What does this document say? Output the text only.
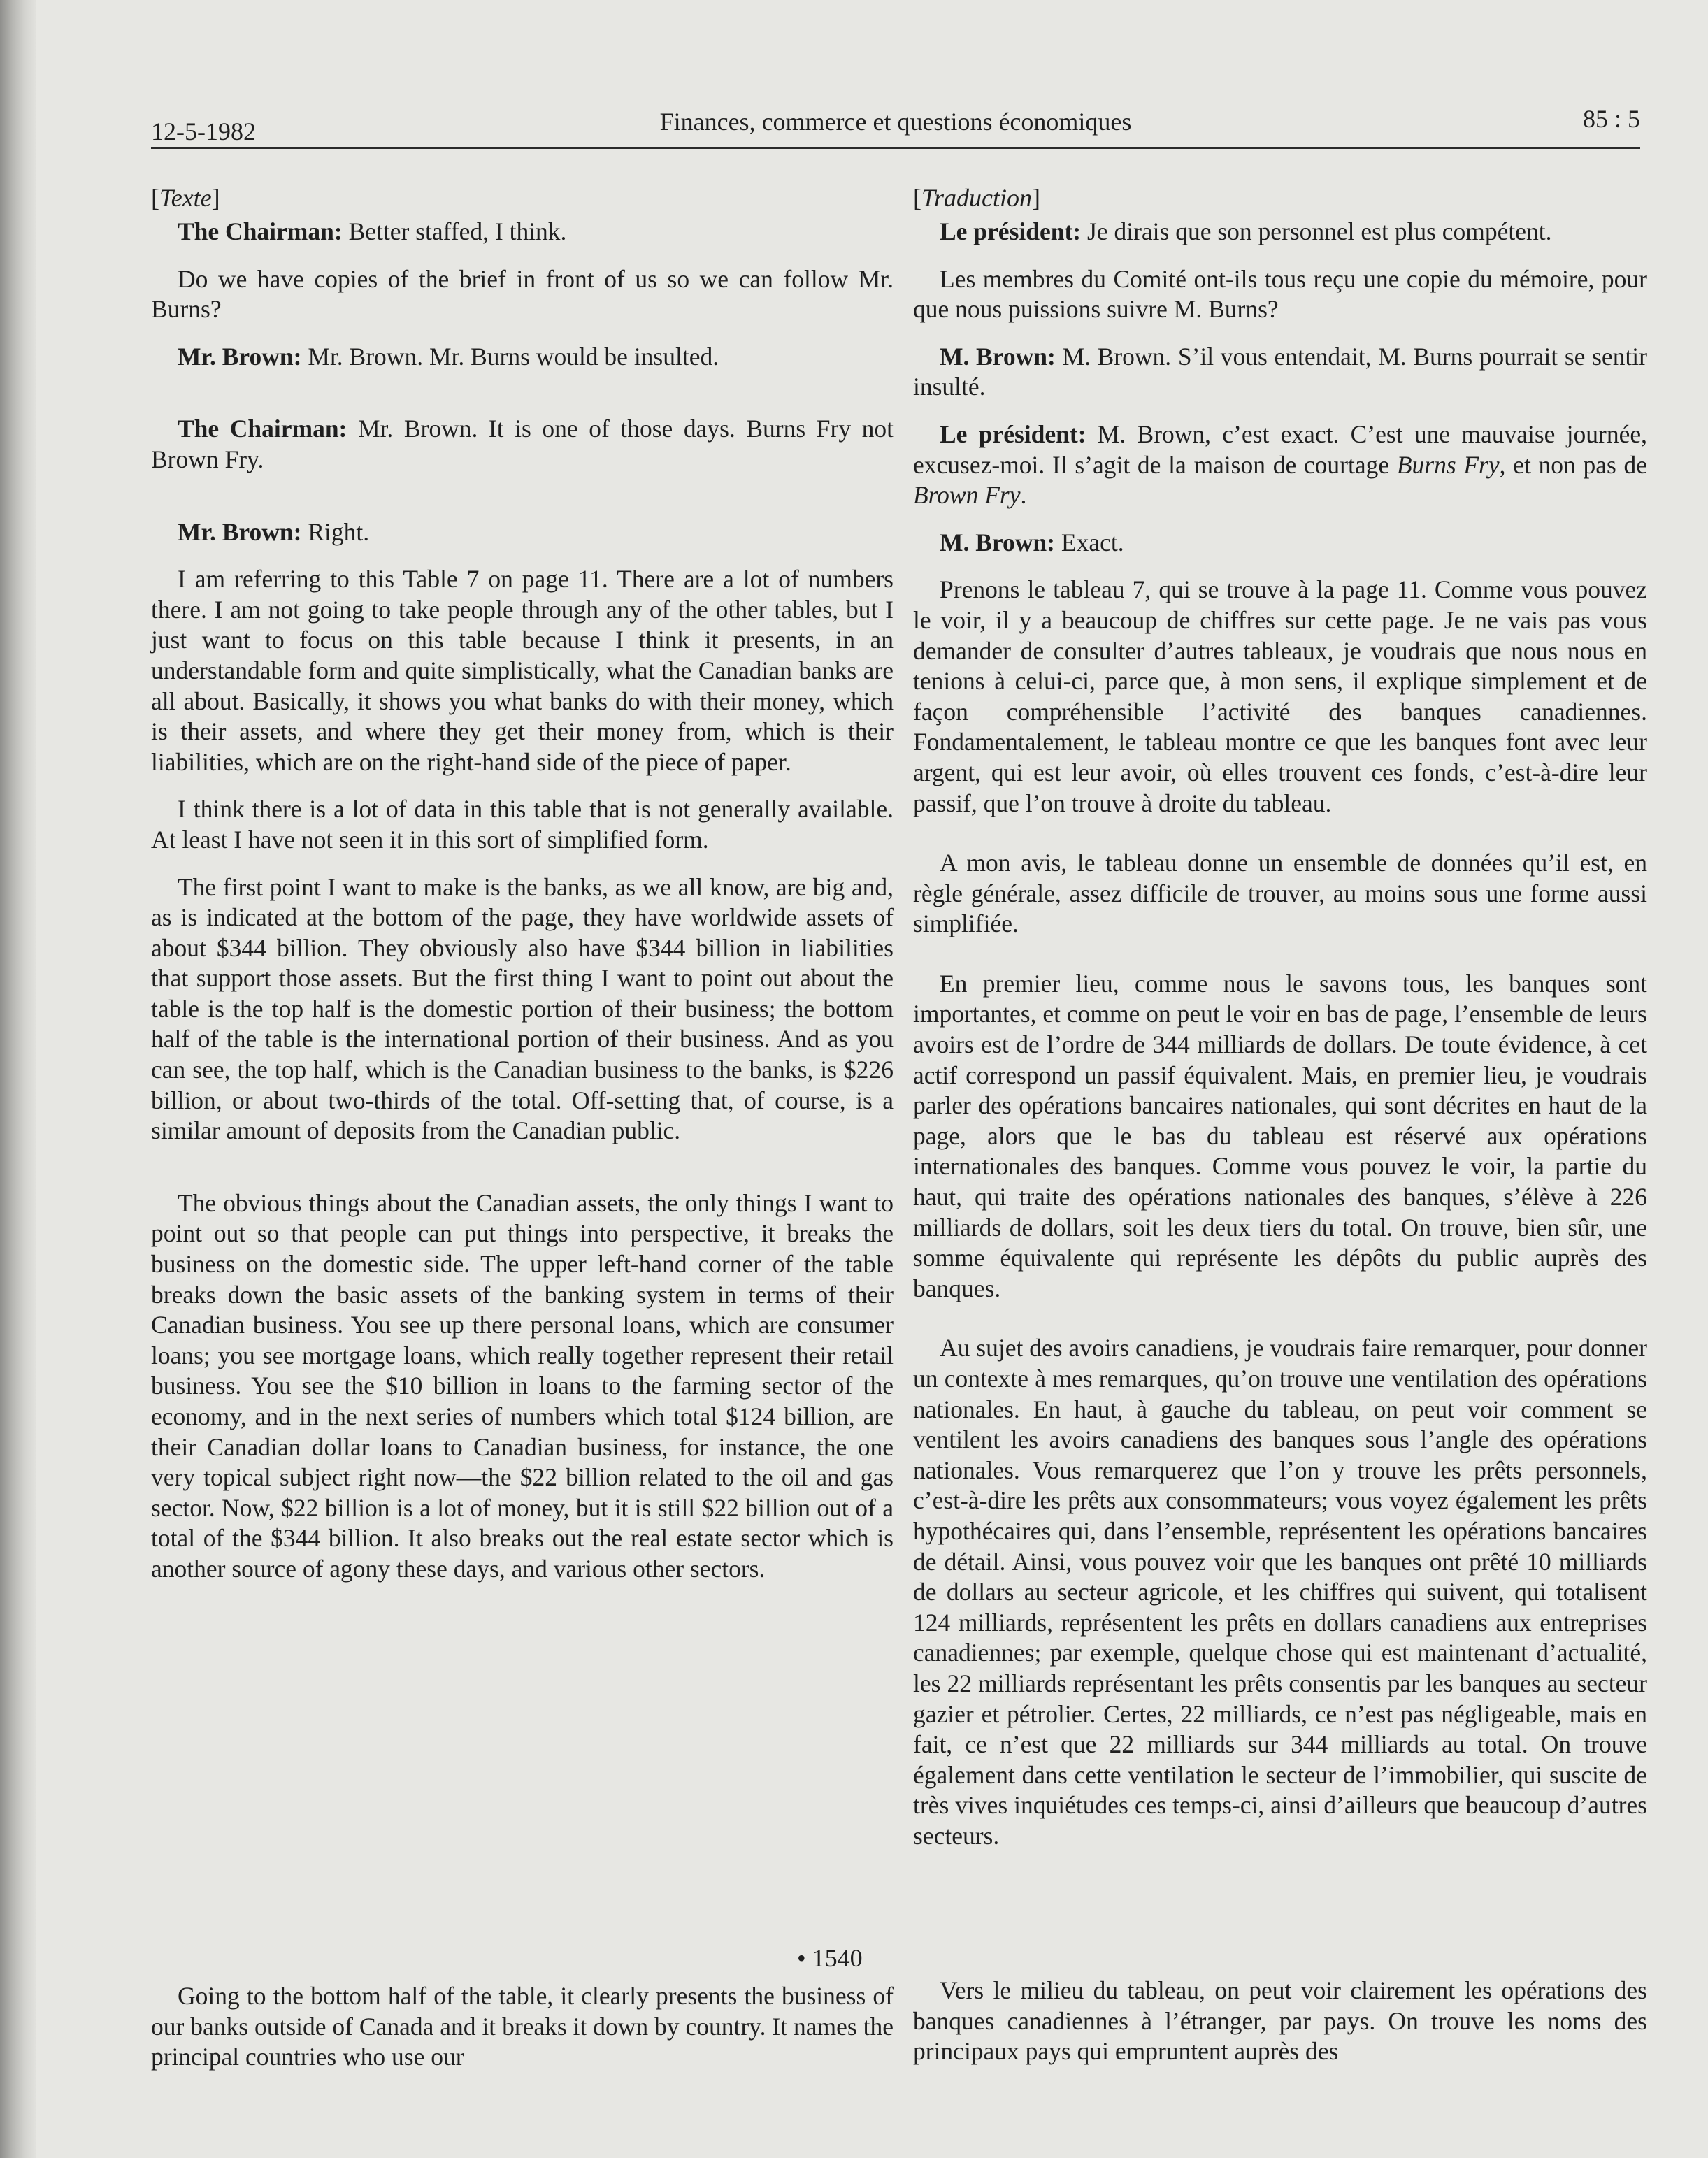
12-5-1982	Finances, commerce et questions économiques	85 : 5
[Texte]

The Chairman: Better staffed, I think.

Do we have copies of the brief in front of us so we can follow Mr. Burns?

Mr. Brown: Mr. Brown. Mr. Burns would be insulted.

The Chairman: Mr. Brown. It is one of those days. Burns Fry not Brown Fry.

Mr. Brown: Right.

I am referring to this Table 7 on page 11. There are a lot of numbers there. I am not going to take people through any of the other tables, but I just want to focus on this table because I think it presents, in an understandable form and quite simplistically, what the Canadian banks are all about. Basically, it shows you what banks do with their money, which is their assets, and where they get their money from, which is their liabilities, which are on the right-hand side of the piece of paper.

I think there is a lot of data in this table that is not generally available. At least I have not seen it in this sort of simplified form.

The first point I want to make is the banks, as we all know, are big and, as is indicated at the bottom of the page, they have worldwide assets of about $344 billion. They obviously also have $344 billion in liabilities that support those assets. But the first thing I want to point out about the table is the top half is the domestic portion of their business; the bottom half of the table is the international portion of their business. And as you can see, the top half, which is the Canadian business to the banks, is $226 billion, or about two-thirds of the total. Off-setting that, of course, is a similar amount of deposits from the Canadian public.

The obvious things about the Canadian assets, the only things I want to point out so that people can put things into perspective, it breaks the business on the domestic side. The upper left-hand corner of the table breaks down the basic assets of the banking system in terms of their Canadian business. You see up there personal loans, which are consumer loans; you see mortgage loans, which really together represent their retail business. You see the $10 billion in loans to the farming sector of the economy, and in the next series of numbers which total $124 billion, are their Canadian dollar loans to Canadian business, for instance, the one very topical subject right now—the $22 billion related to the oil and gas sector. Now, $22 billion is a lot of money, but it is still $22 billion out of a total of the $344 billion. It also breaks out the real estate sector which is another source of agony these days, and various other sectors.

• 1540

Going to the bottom half of the table, it clearly presents the business of our banks outside of Canada and it breaks it down by country. It names the principal countries who use our

[Traduction]

Le président: Je dirais que son personnel est plus compétent.

Les membres du Comité ont-ils tous reçu une copie du mémoire, pour que nous puissions suivre M. Burns?

M. Brown: M. Brown. S’il vous entendait, M. Burns pourrait se sentir insulté.

Le président: M. Brown, c’est exact. C’est une mauvaise journée, excusez-moi. Il s’agit de la maison de courtage Burns Fry, et non pas de Brown Fry.

M. Brown: Exact.

Prenons le tableau 7, qui se trouve à la page 11. Comme vous pouvez le voir, il y a beaucoup de chiffres sur cette page. Je ne vais pas vous demander de consulter d’autres tableaux, je voudrais que nous nous en tenions à celui-ci, parce que, à mon sens, il explique simplement et de façon compréhensible l’activité des banques canadiennes. Fondamentalement, le tableau montre ce que les banques font avec leur argent, qui est leur avoir, où elles trouvent ces fonds, c’est-à-dire leur passif, que l’on trouve à droite du tableau.

A mon avis, le tableau donne un ensemble de données qu’il est, en règle générale, assez difficile de trouver, au moins sous une forme aussi simplifiée.

En premier lieu, comme nous le savons tous, les banques sont importantes, et comme on peut le voir en bas de page, l’ensemble de leurs avoirs est de l’ordre de 344 milliards de dollars. De toute évidence, à cet actif correspond un passif équivalent. Mais, en premier lieu, je voudrais parler des opérations bancaires nationales, qui sont décrites en haut de la page, alors que le bas du tableau est réservé aux opérations internationales des banques. Comme vous pouvez le voir, la partie du haut, qui traite des opérations nationales des banques, s’élève à 226 milliards de dollars, soit les deux tiers du total. On trouve, bien sûr, une somme équivalente qui représente les dépôts du public auprès des banques.

Au sujet des avoirs canadiens, je voudrais faire remarquer, pour donner un contexte à mes remarques, qu’on trouve une ventilation des opérations nationales. En haut, à gauche du tableau, on peut voir comment se ventilent les avoirs canadiens des banques sous l’angle des opérations nationales. Vous remarquerez que l’on y trouve les prêts personnels, c’est-à-dire les prêts aux consommateurs; vous voyez également les prêts hypothécaires qui, dans l’ensemble, représentent les opérations bancaires de détail. Ainsi, vous pouvez voir que les banques ont prêté 10 milliards de dollars au secteur agricole, et les chiffres qui suivent, qui totalisent 124 milliards, représentent les prêts en dollars canadiens aux entreprises canadiennes; par exemple, quelque chose qui est maintenant d’actualité, les 22 milliards représentant les prêts consentis par les banques au secteur gazier et pétrolier. Certes, 22 milliards, ce n’est pas négligeable, mais en fait, ce n’est que 22 milliards sur 344 milliards au total. On trouve également dans cette ventilation le secteur de l’immobilier, qui suscite de très vives inquiétudes ces temps-ci, ainsi d’ailleurs que beaucoup d’autres secteurs.

Vers le milieu du tableau, on peut voir clairement les opérations des banques canadiennes à l’étranger, par pays. On trouve les noms des principaux pays qui empruntent auprès des
